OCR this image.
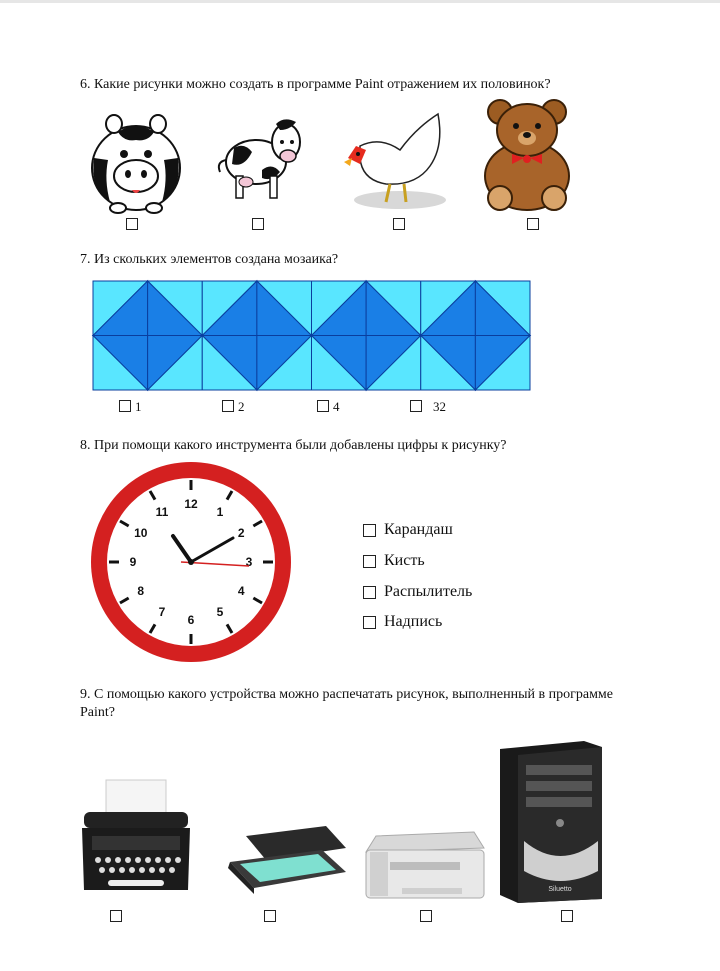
6. Какие рисунки можно создать в программе Paint отражением их половинок?
7. Из скольких элементов создана мозаика?
1	2	4	32
8. При помощи какого инструмента были добавлены цифры к рисунку?
12
1
2
3
4
5
6
7
8
9
10
11
Карандаш
Кисть
Распылитель
Надпись
9. С помощью какого устройства можно распечатать рисунок, выполненный в программе Paint?
Siluetto
